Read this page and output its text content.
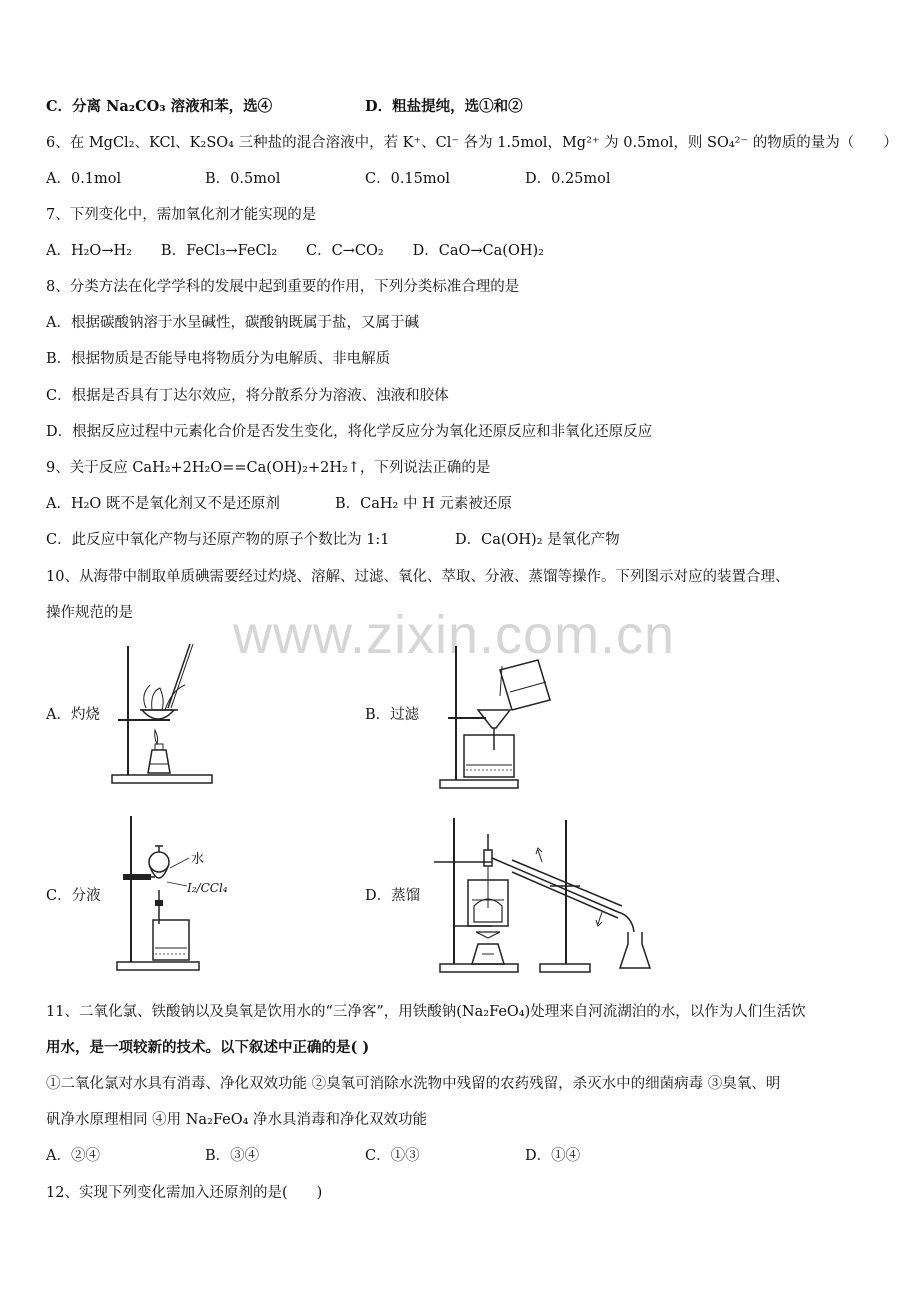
C．分离 Na₂CO₃ 溶液和苯，选④	D．粗盐提纯，选①和②
6、在 MgCl₂、KCl、K₂SO₄ 三种盐的混合溶液中，若 K⁺、Cl⁻ 各为 1.5mol，Mg²⁺ 为 0.5mol，则 SO₄²⁻ 的物质的量为（　　）
A．0.1mol	B．0.5mol	C．0.15mol	D．0.25mol
7、下列变化中，需加氧化剂才能实现的是
A．H₂O→H₂　　B．FeCl₃→FeCl₂　　C．C→CO₂　　D．CaO→Ca(OH)₂
8、分类方法在化学学科的发展中起到重要的作用，下列分类标准合理的是
A．根据碳酸钠溶于水呈碱性，碳酸钠既属于盐，又属于碱
B．根据物质是否能导电将物质分为电解质、非电解质
C．根据是否具有丁达尔效应，将分散系分为溶液、浊液和胶体
D．根据反应过程中元素化合价是否发生变化，将化学反应分为氧化还原反应和非氧化还原反应
9、关于反应 CaH₂+2H₂O==Ca(OH)₂+2H₂↑，下列说法正确的是
A．H₂O 既不是氧化剂又不是还原剂	B．CaH₂ 中 H 元素被还原
C．此反应中氧化产物与还原产物的原子个数比为 1:1	D．Ca(OH)₂ 是氧化产物
10、从海带中制取单质碘需要经过灼烧、溶解、过滤、氧化、萃取、分液、蒸馏等操作。下列图示对应的装置合理、
操作规范的是 www.zixin.com.cn
A．灼烧	B．过滤
C．分液
水
I₂/CCl₄	D．蒸馏
11、二氧化氯、铁酸钠以及臭氧是饮用水的“三净客”，用铁酸钠(Na₂FeO₄)处理来自河流湖泊的水，以作为人们生活饮
用水，是一项较新的技术。以下叙述中正确的是( )
①二氧化氯对水具有消毒、净化双效功能 ②臭氧可消除水洗物中残留的农药残留，杀灭水中的细菌病毒 ③臭氧、明
矾净水原理相同 ④用 Na₂FeO₄ 净水具消毒和净化双效功能
A．②④	B．③④	C．①③	D．①④
12、实现下列变化需加入还原剂的是(　　)
